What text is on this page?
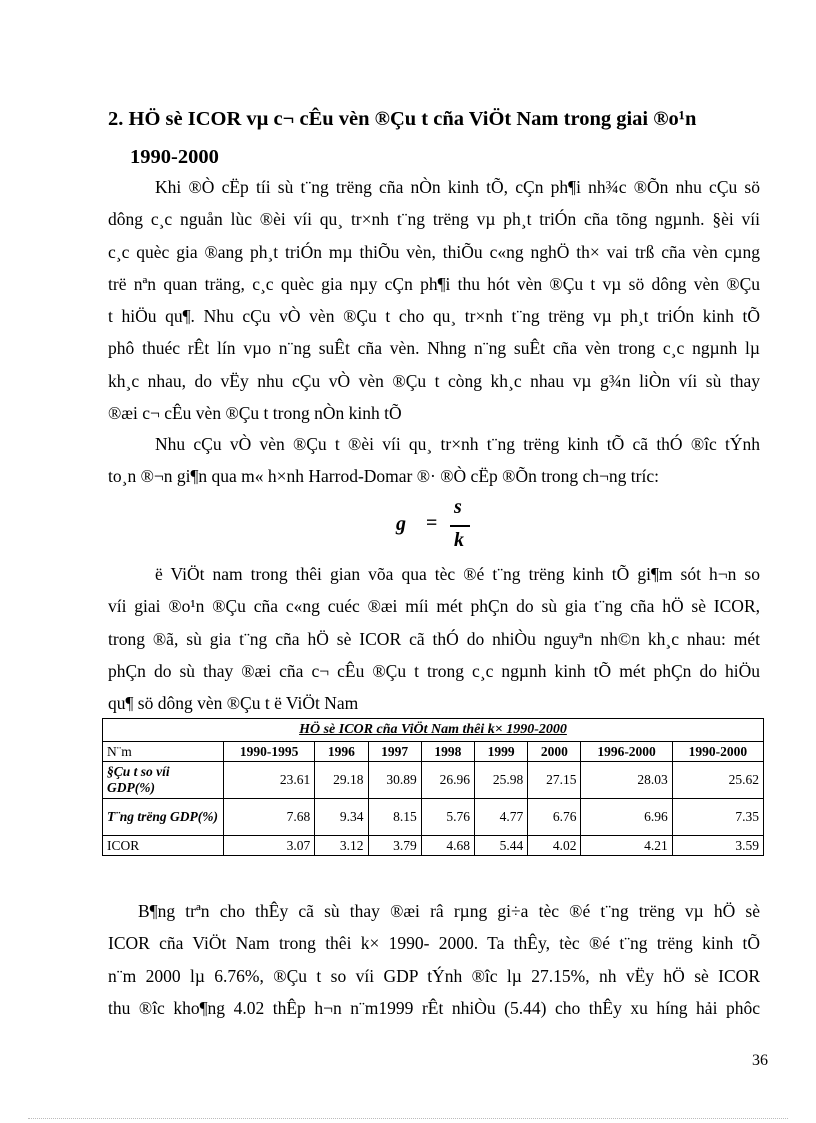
2. HÖ sè ICOR vµ c¬ cÊu vèn ®Çu t cña ViÖt Nam trong giai ®o¹n
1990-2000
Khi ®Ò cËp tíi sù t¨ng trëng cña nÒn kinh tÕ, cÇn ph¶i nh¾c ®Õn nhu cÇu sö
dông c¸c nguån lùc ®èi víi qu¸ tr×nh t¨ng trëng vµ ph¸t triÓn cña tõng ngµnh. §èi víi
c¸c quèc gia ®ang ph¸t triÓn mµ thiÕu vèn, thiÕu c«ng nghÖ th× vai trß cña vèn cµng
trë nªn quan träng, c¸c quèc gia nµy cÇn ph¶i thu hót vèn ®Çu t vµ sö dông vèn ®Çu
t hiÖu qu¶. Nhu cÇu vÒ vèn ®Çu t cho qu¸ tr×nh t¨ng trëng vµ ph¸t triÓn kinh tÕ
phô thuéc rÊt lín vµo n¨ng suÊt cña vèn. Nhng n¨ng suÊt cña vèn trong c¸c ngµnh lµ
kh¸c nhau, do vËy nhu cÇu vÒ vèn ®Çu t còng kh¸c nhau vµ g¾n liÒn víi sù thay
®æi c¬ cÊu vèn ®Çu t trong nÒn kinh tÕ
Nhu cÇu vÒ vèn ®Çu t ®èi víi qu¸ tr×nh t¨ng trëng kinh tÕ cã thÓ ®îc tÝnh
to¸n ®¬n gi¶n qua m« h×nh Harrod-Domar ®· ®Ò cËp ®Õn trong ch¬ng tríc:
g =
s
k
ë ViÖt nam trong thêi gian võa qua tèc ®é t¨ng trëng kinh tÕ gi¶m sót h¬n so
víi giai ®o¹n ®Çu cña c«ng cuéc ®æi míi mét phÇn do sù gia t¨ng cña hÖ sè ICOR,
trong ®ã, sù gia t¨ng cña hÖ sè ICOR cã thÓ do nhiÒu nguyªn nh©n kh¸c nhau: mét
phÇn do sù thay ®æi cña c¬ cÊu ®Çu t trong c¸c ngµnh kinh tÕ mét phÇn do hiÖu
qu¶ sö dông vèn ®Çu t ë ViÖt Nam
HÖ sè ICOR cña ViÖt Nam thêi k× 1990-2000								
N¨m	1990-1995	1996	1997	1998	1999	2000	1996-2000	1990-2000
§Çu t so víi GDP(%)	23.61	29.18	30.89	26.96	25.98	27.15	28.03	25.62
T¨ng trëng GDP(%)	7.68	9.34	8.15	5.76	4.77	6.76	6.96	7.35
ICOR	3.07	3.12	3.79	4.68	5.44	4.02	4.21	3.59
B¶ng trªn cho thÊy cã sù thay ®æi râ rµng gi÷a tèc ®é t¨ng trëng vµ hÖ sè
ICOR cña ViÖt Nam trong thêi k× 1990- 2000. Ta thÊy, tèc ®é t¨ng trëng kinh tÕ
n¨m 2000 lµ 6.76%, ®Çu t so víi GDP tÝnh ®îc lµ 27.15%, nh vËy hÖ sè ICOR
thu ®îc kho¶ng 4.02 thÊp h¬n n¨m1999 rÊt nhiÒu (5.44) cho thÊy xu híng hải phôc
36
